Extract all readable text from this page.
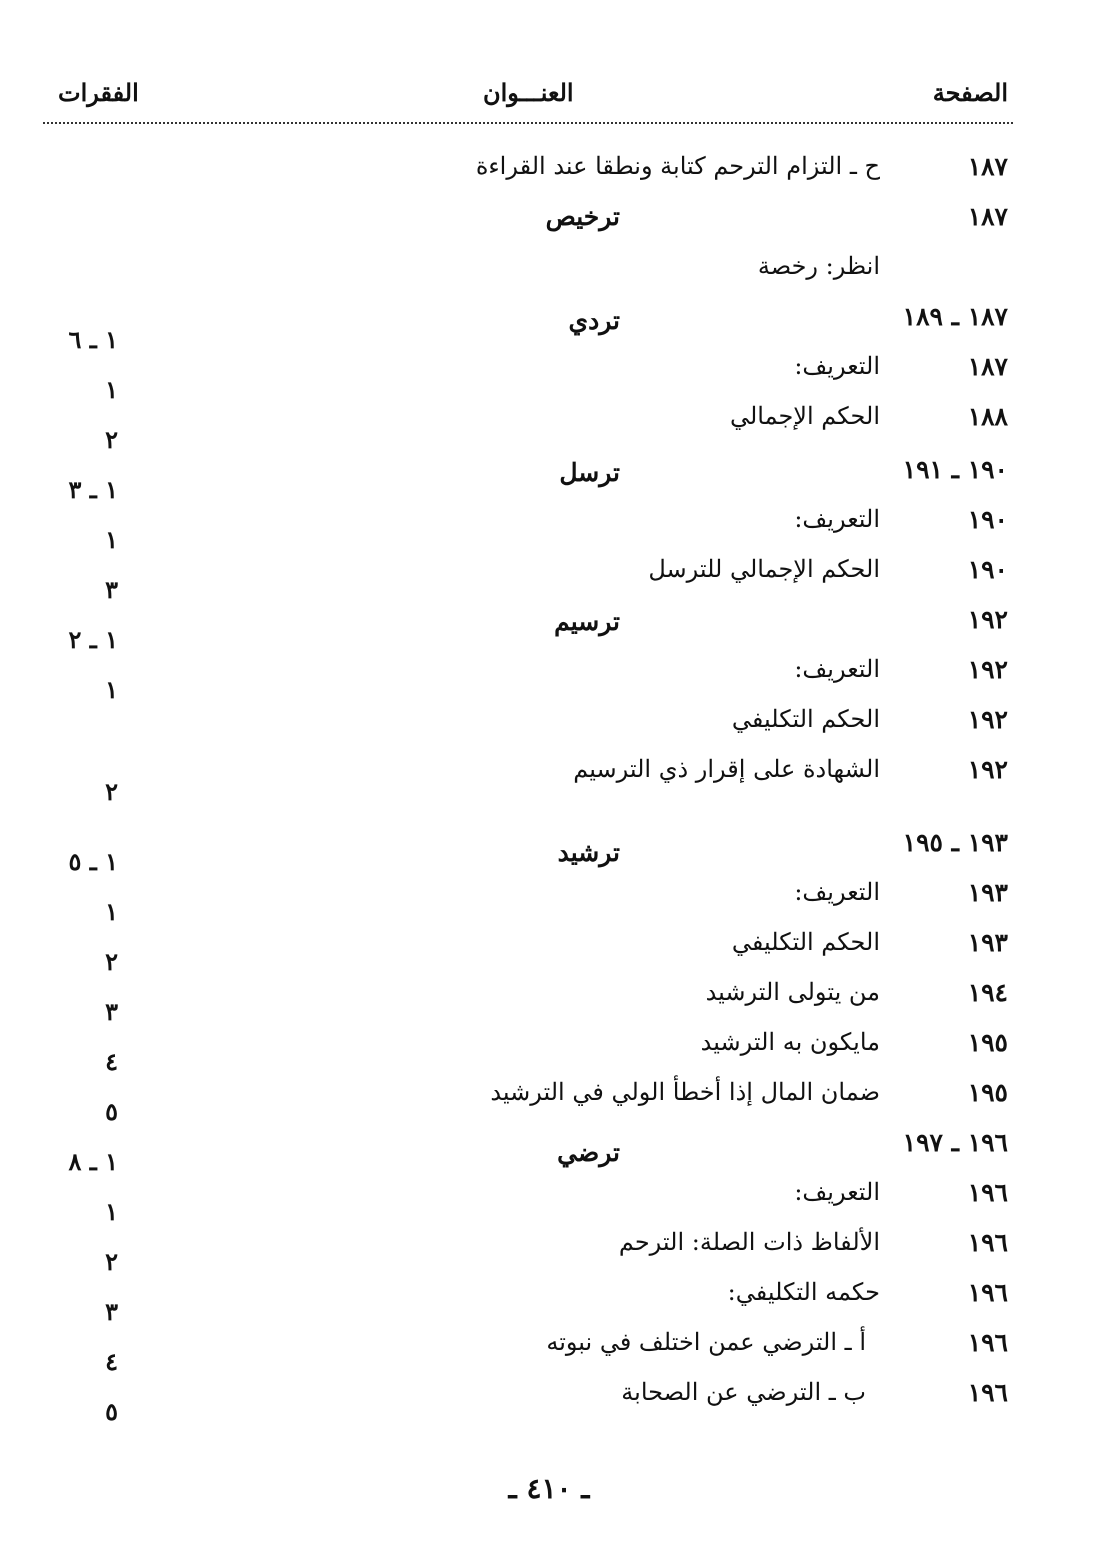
الصفحة
العنـــوان
الفقرات
١٨٧
ح ـ التزام الترحم كتابة ونطقا عند القراءة
١٨٧
ترخيص
انظر: رخصة
١٨٧ ـ ١٨٩
تردي
١ ـ ٦
١٨٧
التعريف:
١
١٨٨
الحكم الإجمالي
٢
١٩٠ ـ ١٩١
ترسل
١ ـ ٣
١٩٠
التعريف:
١
١٩٠
الحكم الإجمالي للترسل
٣
١٩٢
ترسيم
١ ـ ٢
١٩٢
التعريف:
١
١٩٢
الحكم التكليفي
١٩٢
الشهادة على إقرار ذي الترسيم
٢
١٩٣ ـ ١٩٥
ترشيد
١ ـ ٥
١٩٣
التعريف:
١
١٩٣
الحكم التكليفي
٢
١٩٤
من يتولى الترشيد
٣
١٩٥
مايكون به الترشيد
٤
١٩٥
ضمان المال إذا أخطأ الولي في الترشيد
٥
١٩٦ ـ ١٩٧
ترضي
١ ـ ٨
١٩٦
التعريف:
١
١٩٦
الألفاظ ذات الصلة: الترحم
٢
١٩٦
حكمه التكليفي:
٣
١٩٦
أ ـ الترضي عمن اختلف في نبوته
٤
١٩٦
ب ـ الترضي عن الصحابة
٥
ـ ٤١٠ ـ
